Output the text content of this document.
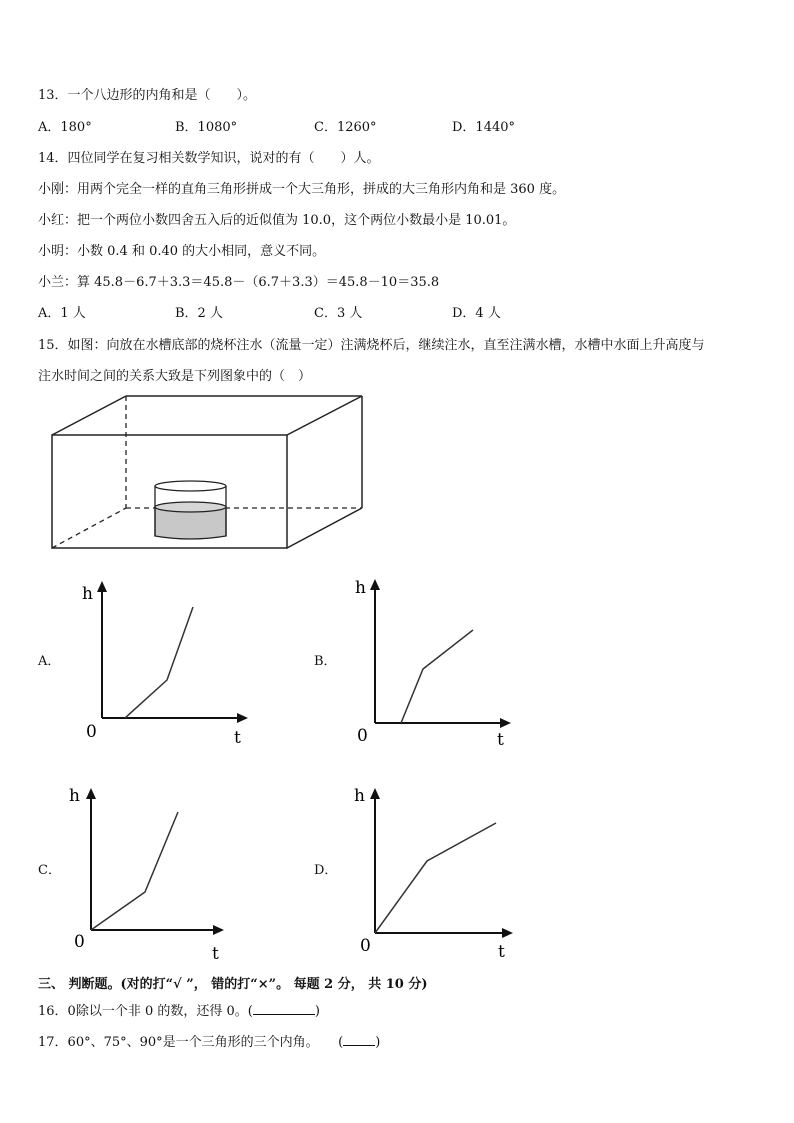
13．一个八边形的内角和是（　　）。
A．180°	B．1080°	C．1260°	D．1440°
14．四位同学在复习相关数学知识，说对的有（　　）人。
小刚：用两个完全一样的直角三角形拼成一个大三角形，拼成的大三角形内角和是 360 度。
小红：把一个两位小数四舍五入后的近似值为 10.0，这个两位小数最小是 10.01。
小明：小数 0.4 和 0.40 的大小相同，意义不同。
小兰：算 45.8－6.7＋3.3＝45.8－（6.7＋3.3）＝45.8－10＝35.8
A．1 人	B．2 人	C．3 人	D．4 人
15．如图：向放在水槽底部的烧杯注水（流量一定）注满烧杯后，继续注水，直至注满水槽，水槽中水面上升高度与
注水时间之间的关系大致是下列图象中的（　）
A．
h
0	t
B．
h
0	t
C．
h
0
t
D．
h
0	t
三、 判断题。(对的打“√ ”， 错的打“×”。 每题 2 分， 共 10 分)
16．0除以一个非 0 的数，还得 0。(	)
17．60°、75°、90°是一个三角形的三个内角。　　( )
